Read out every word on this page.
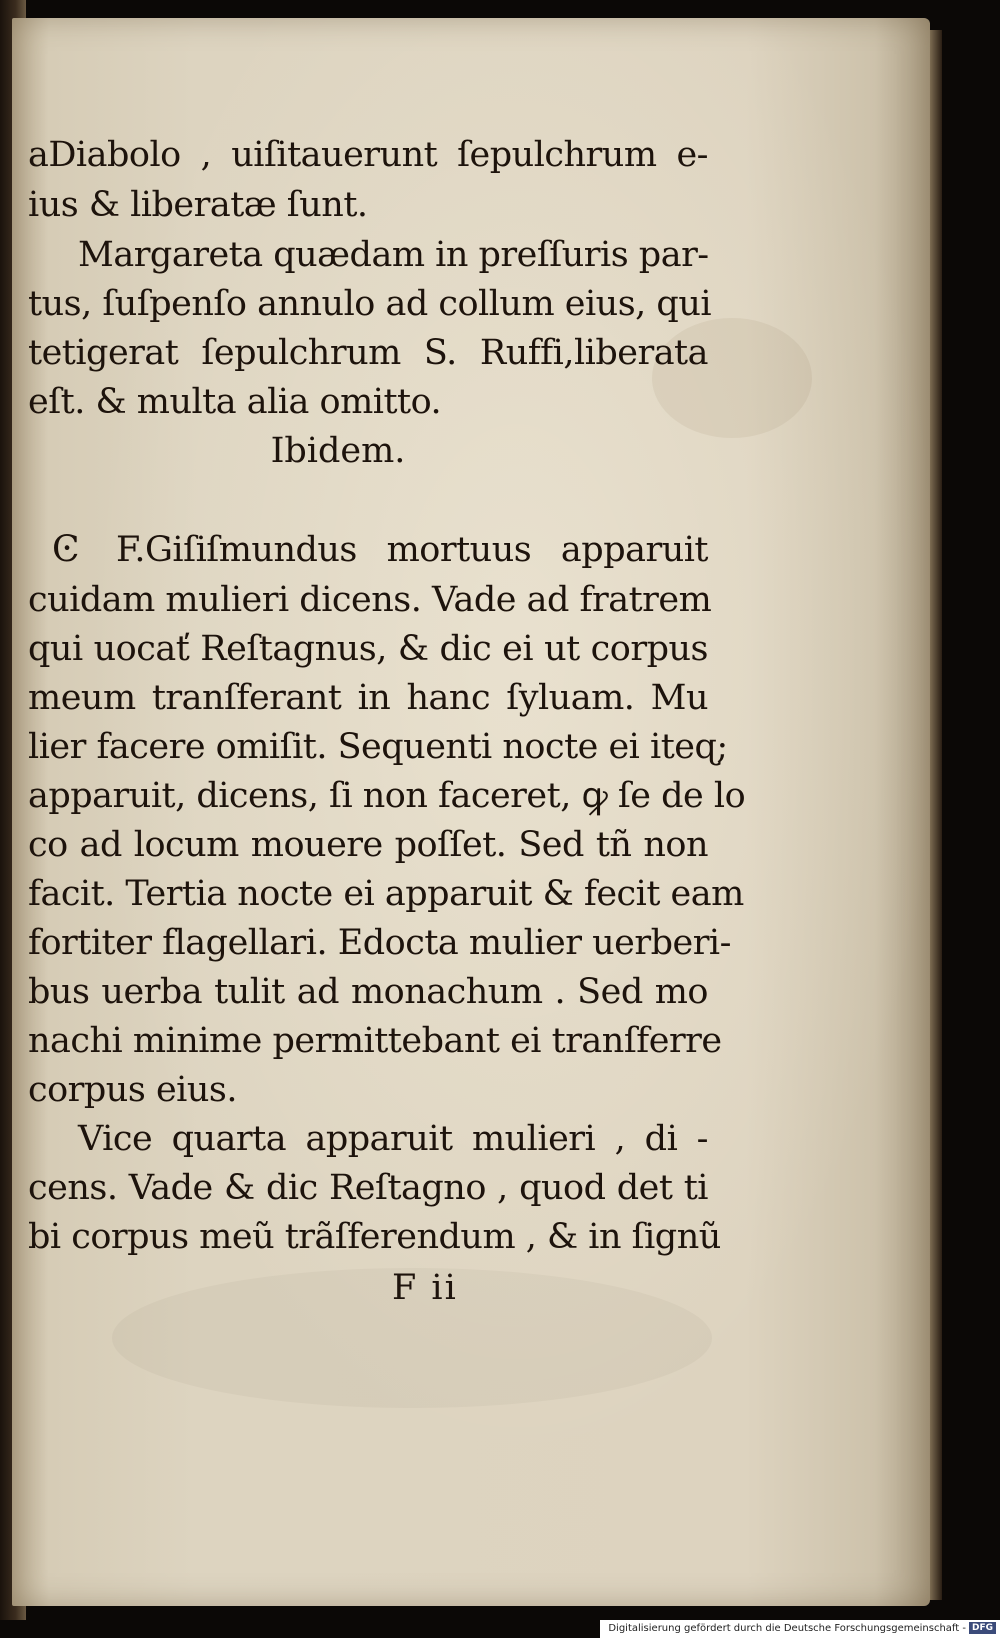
aDiabolo , uiſitauerunt ſepulchrum e-
ius & liberatæ ſunt.
Margareta quædam in preſſuris par-
tus, ſuſpenſo annulo ad collum eius, qui
tetigerat ſepulchrum S. Ruffi,liberata
eſt. & multa alia omitto.
Ibidem.
Ͼ F.Giſiſmundus mortuus apparuit
cuidam mulieri dicens. Vade ad fratrem
qui uocať Reſtagnus, & dic ei ut corpus
meum tranſferant in hanc ſyluam. Mu
lier facere omiſit. Sequenti nocte ei iteɋ;
apparuit, dicens, ſi non faceret, ꝙ ſe de lo
co ad locum mouere poſſet. Sed tñ non
facit. Tertia nocte ei apparuit & fecit eam
fortiter flagellari. Edocta mulier uerberi-
bus uerba tulit ad monachum . Sed mo
nachi minime permittebant ei tranſferre
corpus eius.
Vice quarta apparuit mulieri , di -
cens. Vade & dic Reſtagno , quod det ti
bi corpus meũ trãſferendum , & in ſignũ
F ii
Digitalisierung gefördert durch die Deutsche Forschungsgemeinschaft - DFG
